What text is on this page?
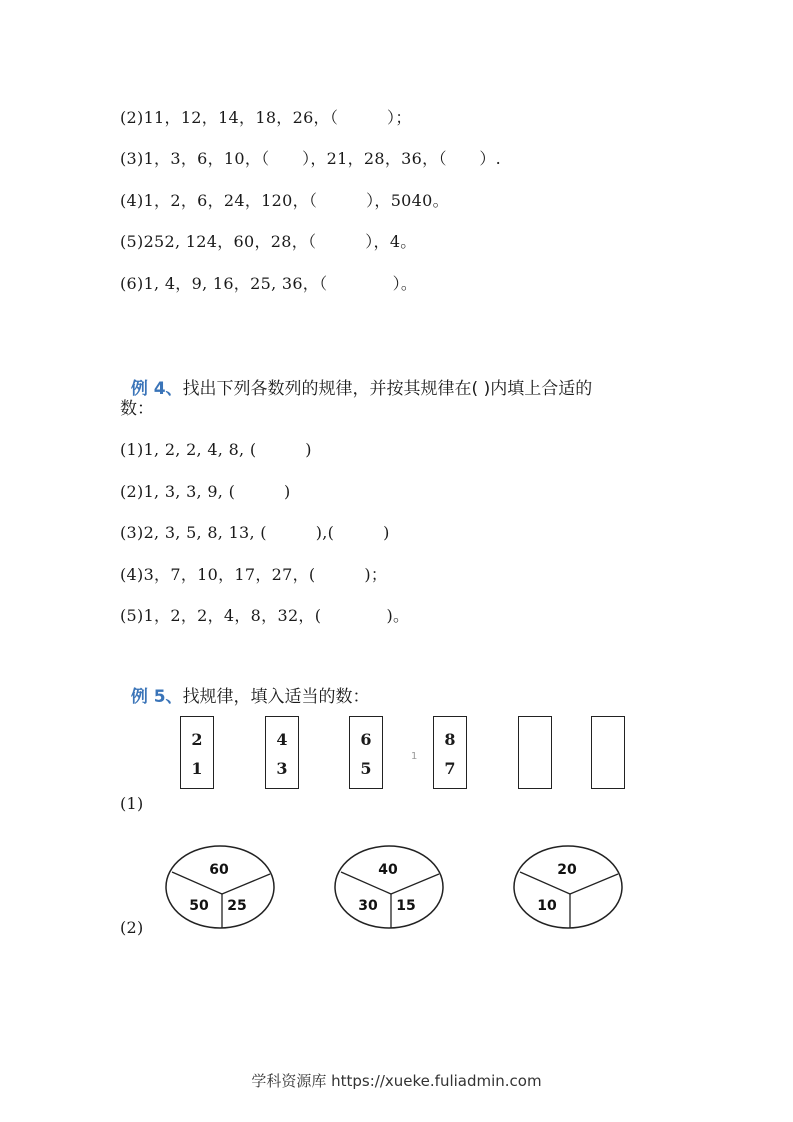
(2)11，12，14，18，26，（　　　）；
(3)1，3，6，10，（　　），21，28，36，（　　）.
(4)1，2，6，24，120，（　　　），5040。
(5)252, 124，60，28，（　　　），4。
(6)1, 4，9, 16，25, 36，（　　　　）。

例 4、找出下列各数列的规律，并按其规律在( )内填上合适的

数：
(1)1, 2, 2, 4, 8, (　　　)
(2)1, 3, 3, 9, (　　　)
(3)2, 3, 5, 8, 13, (　　　),(　　　)
(4)3，7，10，17，27，(　　　)；
(5)1，2，2，4，8，32，(　　　　)。

例 5、找规律，填入适当的数：

(1)
2
1
4
3
6
5
1
8
7
(2)
60
50 25
40
30 15
20
10
学科资源库 https://xueke.fuliadmin.com
